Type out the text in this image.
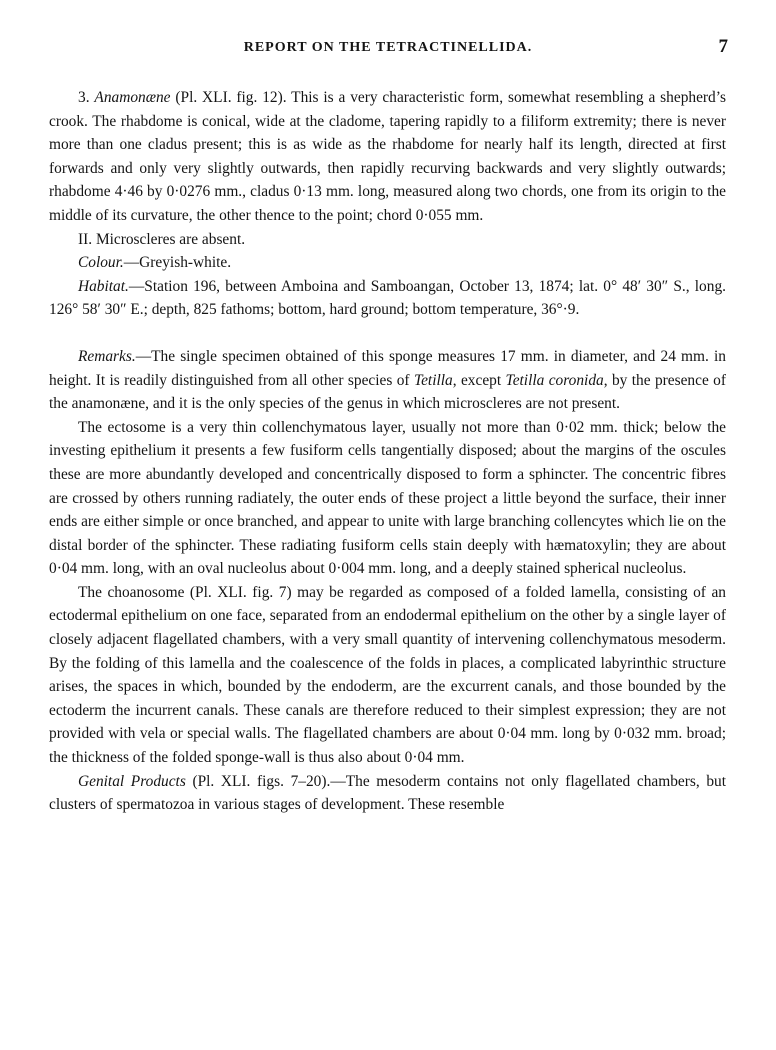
REPORT ON THE TETRACTINELLIDA.	7

3. Anamonæne (Pl. XLI. fig. 12). This is a very characteristic form, somewhat resembling a shepherd’s crook. The rhabdome is conical, wide at the cladome, tapering rapidly to a filiform extremity; there is never more than one cladus present; this is as wide as the rhabdome for nearly half its length, directed at first forwards and only very slightly outwards, then rapidly recurving backwards and very slightly outwards; rhabdome 4·46 by 0·0276 mm., cladus 0·13 mm. long, measured along two chords, one from its origin to the middle of its curvature, the other thence to the point; chord 0·055 mm.

II. Microscleres are absent.

Colour.—Greyish-white.

Habitat.—Station 196, between Amboina and Samboangan, October 13, 1874; lat. 0° 48′ 30″ S., long. 126° 58′ 30″ E.; depth, 825 fathoms; bottom, hard ground; bottom temperature, 36°·9.

Remarks.—The single specimen obtained of this sponge measures 17 mm. in diameter, and 24 mm. in height. It is readily distinguished from all other species of Tetilla, except Tetilla coronida, by the presence of the anamonæne, and it is the only species of the genus in which microscleres are not present.

The ectosome is a very thin collenchymatous layer, usually not more than 0·02 mm. thick; below the investing epithelium it presents a few fusiform cells tangentially disposed; about the margins of the oscules these are more abundantly developed and concentrically disposed to form a sphincter. The concentric fibres are crossed by others running radiately, the outer ends of these project a little beyond the surface, their inner ends are either simple or once branched, and appear to unite with large branching collencytes which lie on the distal border of the sphincter. These radiating fusiform cells stain deeply with hæmatoxylin; they are about 0·04 mm. long, with an oval nucleolus about 0·004 mm. long, and a deeply stained spherical nucleolus.

The choanosome (Pl. XLI. fig. 7) may be regarded as composed of a folded lamella, consisting of an ectodermal epithelium on one face, separated from an endodermal epithelium on the other by a single layer of closely adjacent flagellated chambers, with a very small quantity of intervening collenchymatous mesoderm. By the folding of this lamella and the coalescence of the folds in places, a complicated labyrinthic structure arises, the spaces in which, bounded by the endoderm, are the excurrent canals, and those bounded by the ectoderm the incurrent canals. These canals are therefore reduced to their simplest expression; they are not provided with vela or special walls. The flagellated chambers are about 0·04 mm. long by 0·032 mm. broad; the thickness of the folded sponge-wall is thus also about 0·04 mm.

Genital Products (Pl. XLI. figs. 7–20).—The mesoderm contains not only flagellated chambers, but clusters of spermatozoa in various stages of development. These resemble
